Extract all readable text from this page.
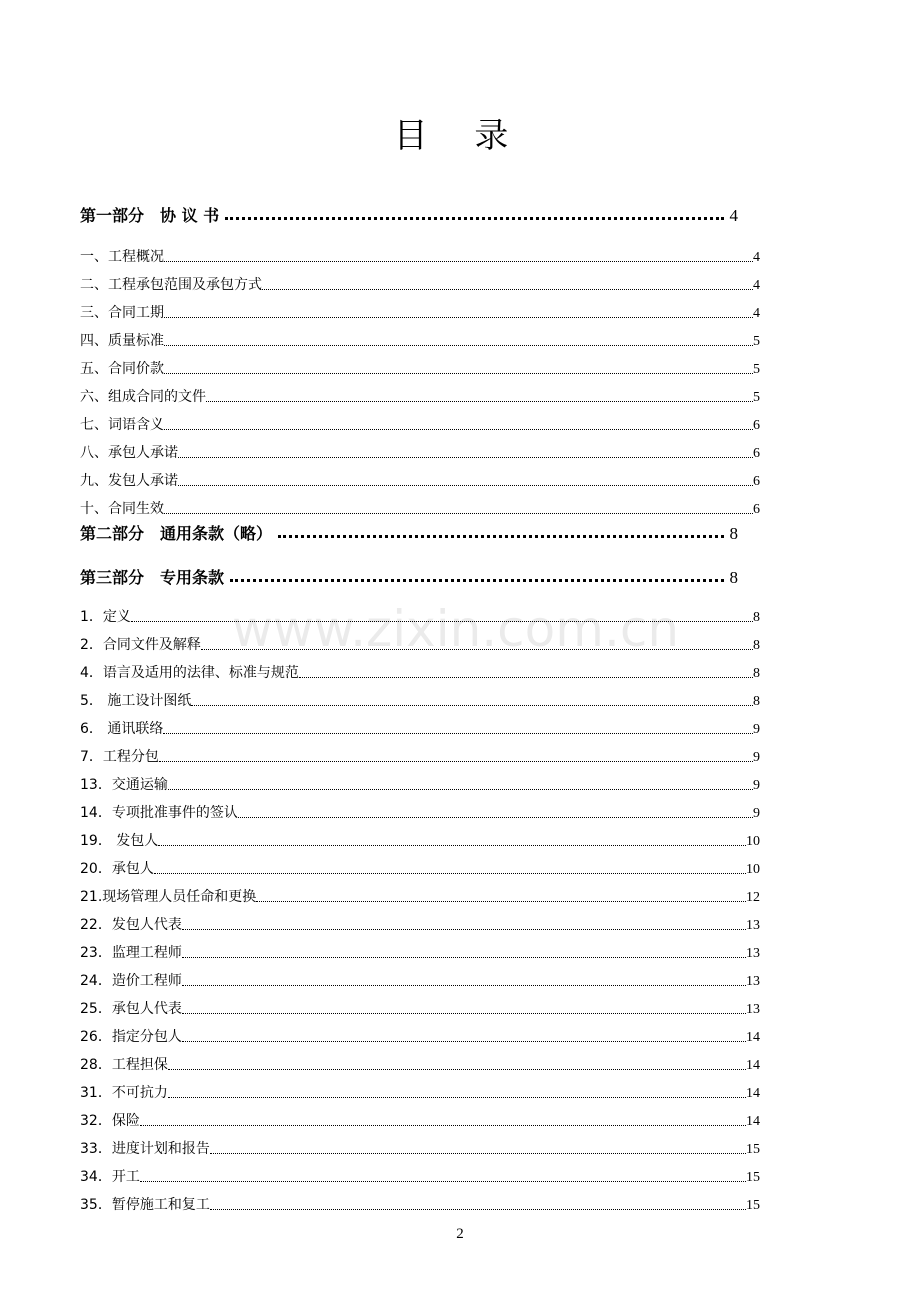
目 录
www.zixin.com.cn
第一部分　协 议 书	4
一、工程概况	4
二、工程承包范围及承包方式	4
三、合同工期	4
四、质量标准	5
五、合同价款	5
六、组成合同的文件	5
七、词语含义	6
八、承包人承诺	6
九、发包人承诺	6
十、合同生效	6
第二部分　通用条款（略）	8
第三部分　专用条款	8
1．定义	8
2．合同文件及解释	8
4．语言及适用的法律、标准与规范	8
5． 施工设计图纸	8
6． 通讯联络	9
7．工程分包	9
13．交通运输	9
14．专项批准事件的签认	9
19． 发包人	10
20．承包人	10
21.现场管理人员任命和更换	12
22．发包人代表	13
23．监理工程师	13
24．造价工程师	13
25．承包人代表	13
26．指定分包人	14
28．工程担保	14
31．不可抗力	14
32．保险	14
33．进度计划和报告	15
34．开工	15
35．暂停施工和复工	15
2
